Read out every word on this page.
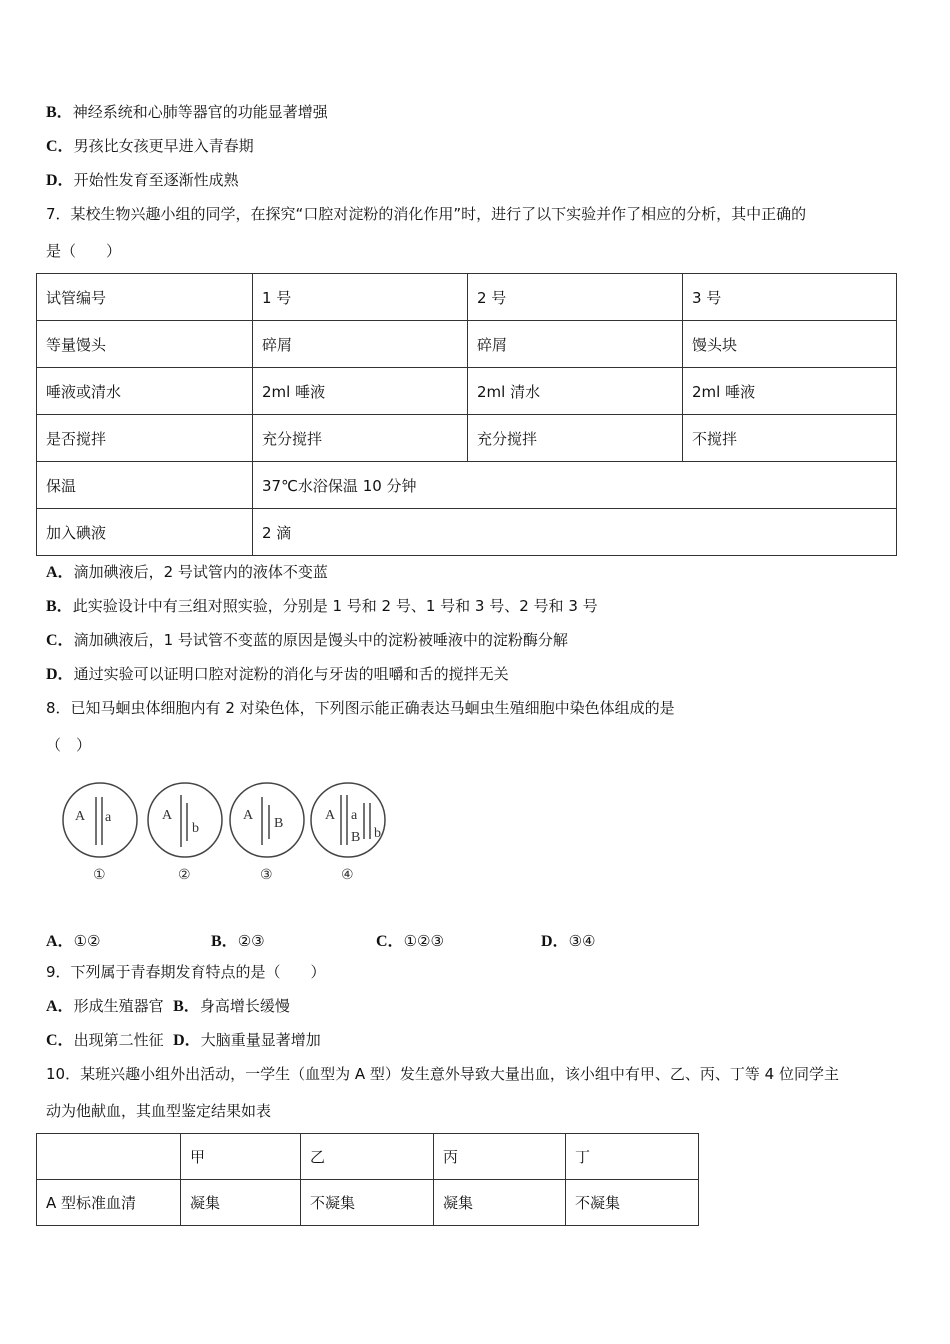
B．神经系统和心肺等器官的功能显著增强
C．男孩比女孩更早进入青春期
D．开始性发育至逐渐性成熟
7．某校生物兴趣小组的同学，在探究“口腔对淀粉的消化作用”时，进行了以下实验并作了相应的分析，其中正确的
是（　　）
试管编号	1 号	2 号	3 号
等量馒头	碎屑	碎屑	馒头块
唾液或清水	2ml 唾液	2ml 清水	2ml 唾液
是否搅拌	充分搅拌	充分搅拌	不搅拌
保温	37℃水浴保温 10 分钟		
加入碘液	2 滴		
A．滴加碘液后，2 号试管内的液体不变蓝
B．此实验设计中有三组对照实验，分别是 1 号和 2 号、1 号和 3 号、2 号和 3 号
C．滴加碘液后，1 号试管不变蓝的原因是馒头中的淀粉被唾液中的淀粉酶分解
D．通过实验可以证明口腔对淀粉的消化与牙齿的咀嚼和舌的搅拌无关
8．已知马蛔虫体细胞内有 2 对染色体，下列图示能正确表达马蛔虫生殖细胞中染色体组成的是
（　）
A a
①
A
b
②
A
B
③
A a
B b
④
A．①②	B．②③	C．①②③	D．③④
9．下列属于青春期发育特点的是（　　）
A．形成生殖器官 B．身高增长缓慢
C．出现第二性征 D．大脑重量显著增加
10．某班兴趣小组外出活动，一学生（血型为 A 型）发生意外导致大量出血，该小组中有甲、乙、丙、丁等 4 位同学主
动为他献血，其血型鉴定结果如表
	甲	乙	丙	丁
A 型标准血清	凝集	不凝集	凝集	不凝集
